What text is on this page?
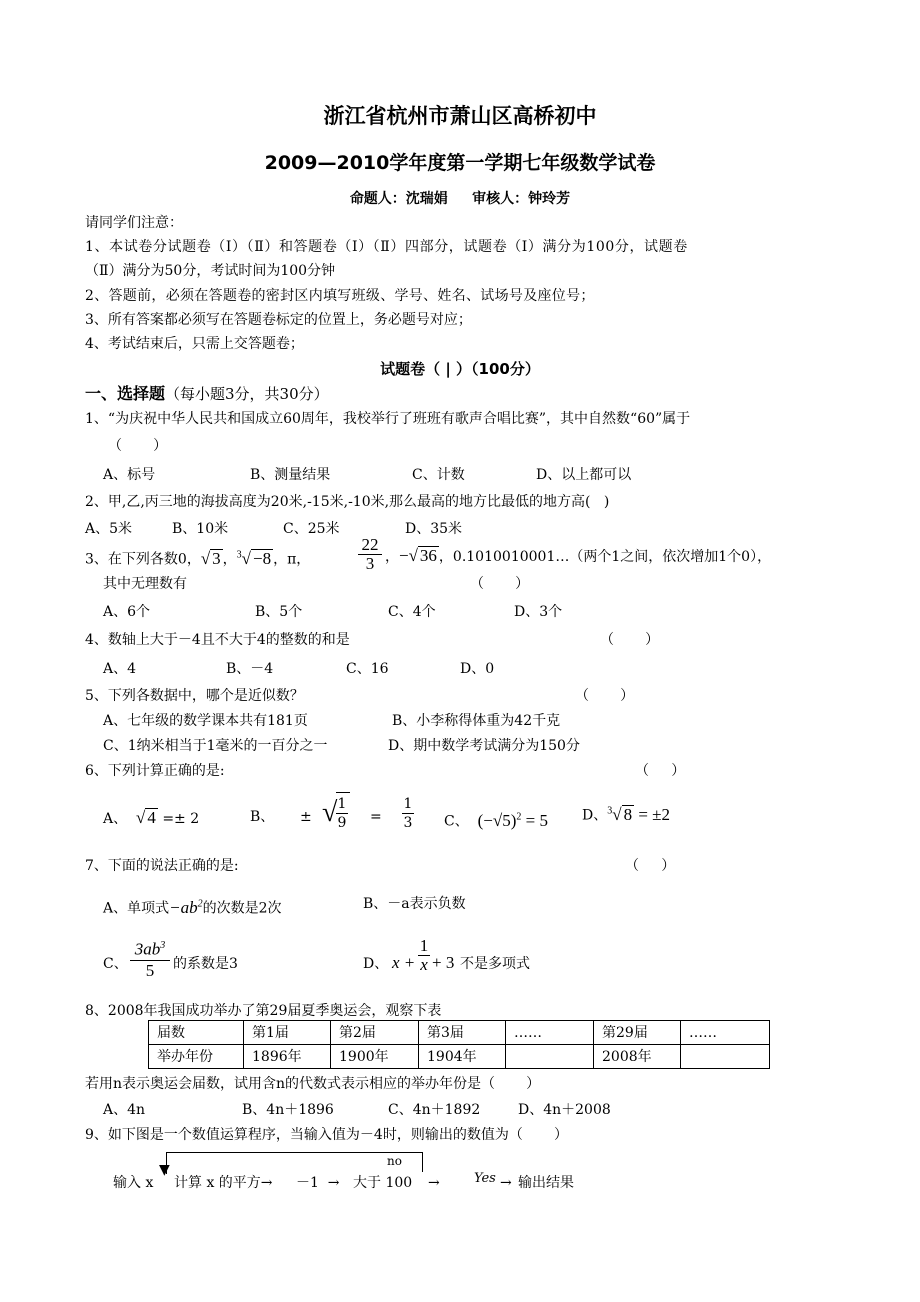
浙江省杭州市萧山区高桥初中
2009—2010学年度第一学期七年级数学试卷
命题人：沈瑞娟     审核人：钟玲芳
请同学们注意：
1、本试卷分试题卷（Ⅰ）（Ⅱ）和答题卷（Ⅰ）（Ⅱ）四部分，试题卷（Ⅰ）满分为100分，试题卷
（Ⅱ）满分为50分，考试时间为100分钟
2、答题前，必须在答题卷的密封区内填写班级、学号、姓名、试场号及座位号；
3、所有答案都必须写在答题卷标定的位置上，务必题号对应；
4、考试结束后，只需上交答题卷；
试题卷（ | ）（100分）
一、选择题（每小题3分，共30分）
1、“为庆祝中华人民共和国成立60周年，我校举行了班班有歌声合唱比赛”，其中自然数“60”属于
（       ）
A、标号	B、测量结果	C、计数	D、以上都可以
2、甲,乙,丙三地的海拔高度为20米,-15米,-10米,那么最高的地方比最低的地方高(   )
A、5米	B、10米	C、25米	D、35米
3、在下列各数0，√ 3 ，$^3$√ −8 ，π，	$\frac{22}{3}$ ，−√ 36 ，0.1010010001…（两个1之间，依次增加1个0），
其中无理数有	（       ）
A、6个	B、5个	C、4个	D、3个
4、数轴上大于－4且不大于4的整数的和是	（       ）
A、4	B、－4	C、16	D、0
5、下列各数据中，哪个是近似数？	（       ）
A、七年级的数学课本共有181页	B、小李称得体重为42千克
C、1纳米相当于1毫米的一百分之一	D、期中数学考试满分为150分
6、下列计算正确的是:	（     ）
A、 √ 4 =± 2	B、 ± √ 1
9 =
1
3 C、 $(-√5)^2 = 5$ D、$^3$√ 8 = ±2
7、下面的说法正确的是:	（     ）
A、单项式$-ab^2$的次数是2次	B、－a表示负数
C、
$3ab^3$
5	的系数是3	D、 x +
1
x + 3 不是多项式
8、2008年我国成功举办了第29届夏季奥运会，观察下表
届数	第1届	第2届	第3届	……	第29届	……
举办年份	1896年	1900年	1904年		2008年	
若用n表示奥运会届数，试用含n的代数式表示相应的举办年份是（       ）
A、4n	B、4n＋1896	C、4n＋1892	D、4n＋2008
9、如下图是一个数值运算程序，当输入值为－4时，则输出的数值为（       ）
▼
no
输入 x 计算 x 的平方→ －1  → 大于 100 →	Yes → 输出结果
